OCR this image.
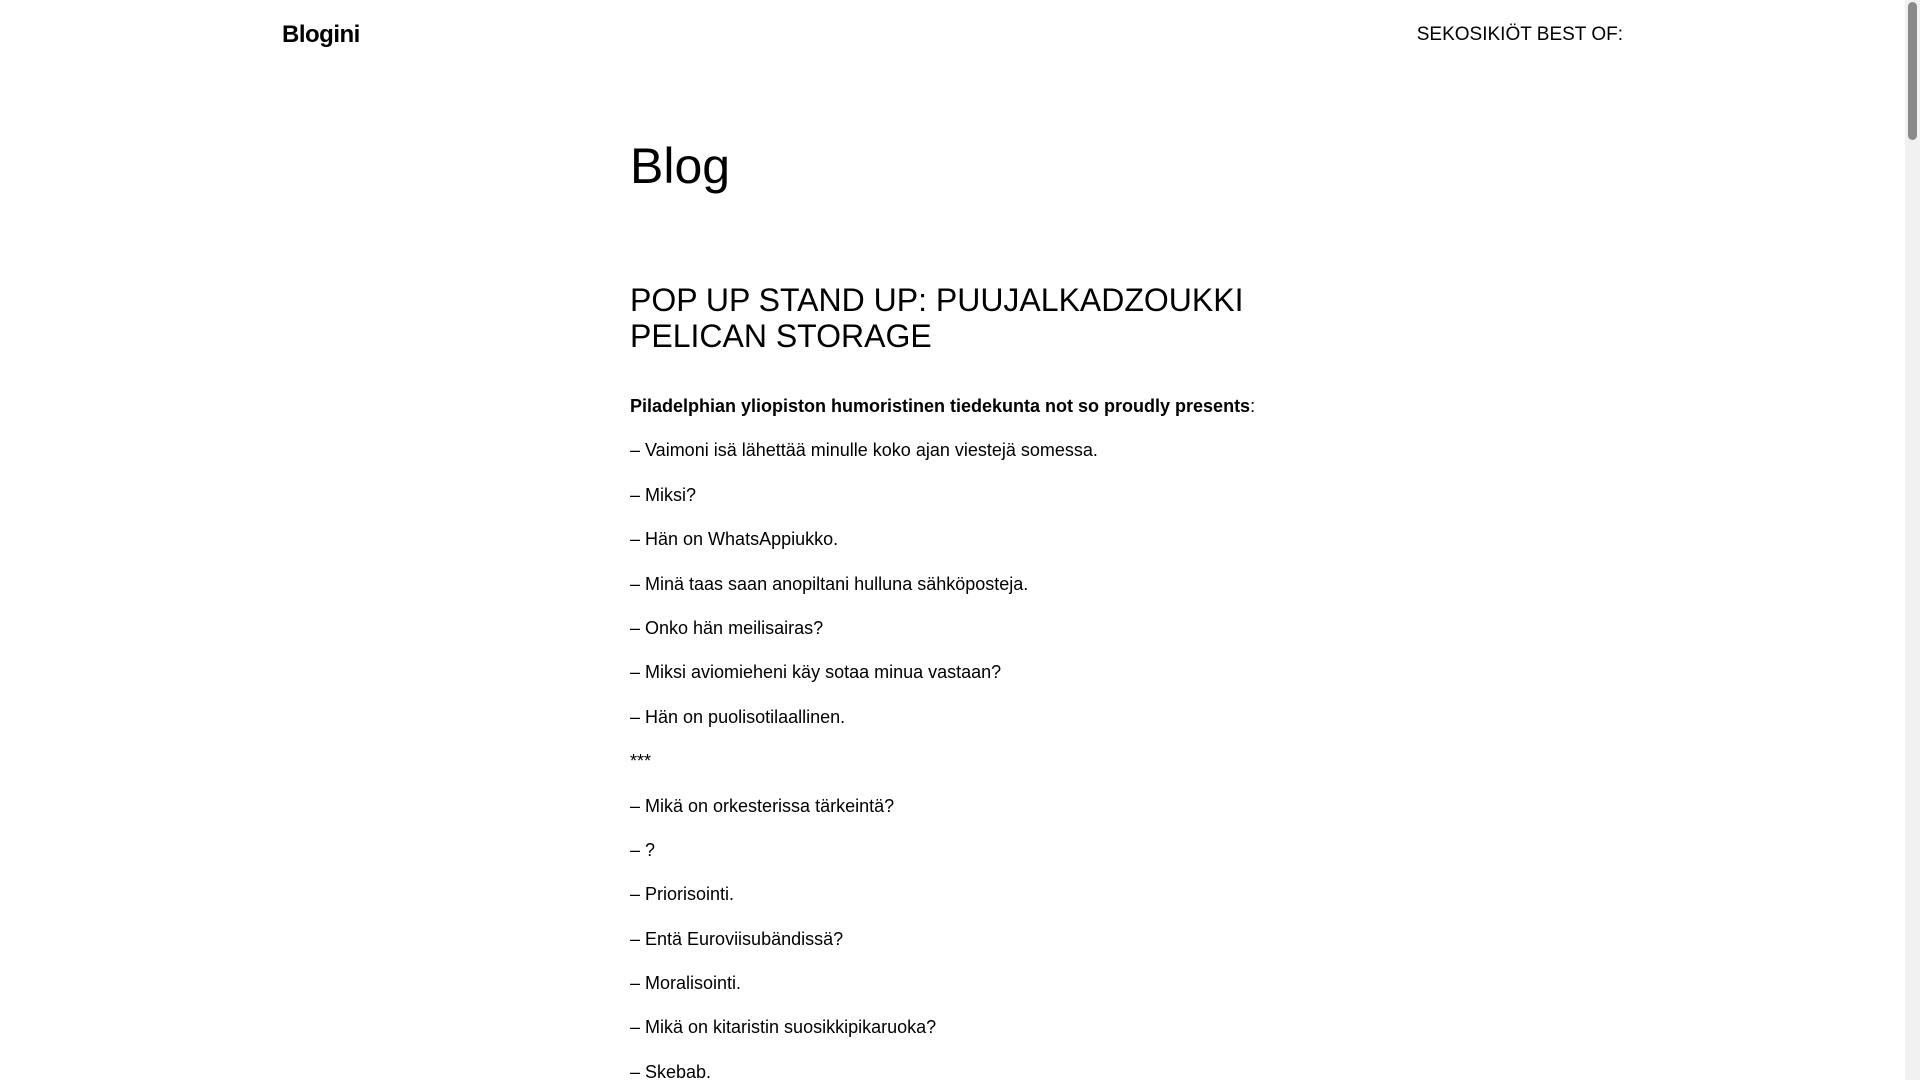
Blogini	SEKOSIKIÖT BEST OF:
Blog
POP UP STAND UP: PUUJALKADZOUKKI PELICAN STORAGE

Piladelphian yliopiston humoristinen tiedekunta not so proudly presents:

– Vaimoni isä lähettää minulle koko ajan viestejä somessa.

– Miksi?

– Hän on WhatsAppiukko.

– Minä taas saan anopiltani hulluna sähköposteja.

– Onko hän meilisairas?

– Miksi aviomieheni käy sotaa minua vastaan?

– Hän on puolisotilaallinen.

***

– Mikä on orkesterissa tärkeintä?

– ?

– Priorisointi.

– Entä Euroviisubändissä?

– Moralisointi.

– Mikä on kitaristin suosikkipikaruoka?

– Skebab.
